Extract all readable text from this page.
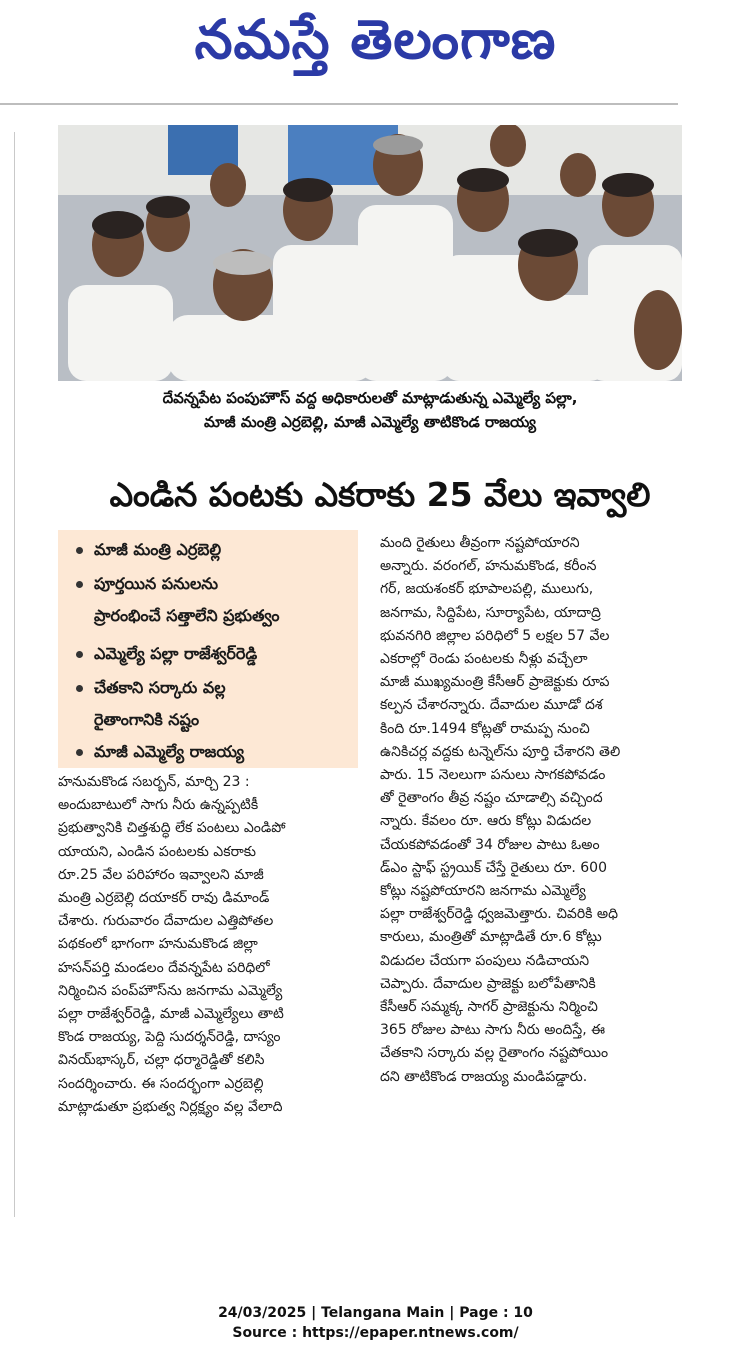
నమస్తే తెలంగాణ
దేవన్నపేట పంపుహౌస్ వద్ద అధికారులతో మాట్లాడుతున్న ఎమ్మెల్యే పల్లా,
మాజీ మంత్రి ఎర్రబెల్లి, మాజీ ఎమ్మెల్యే తాటికొండ రాజయ్య
ఎండిన పంటకు ఎకరాకు 25 వేలు ఇవ్వాలి
మాజీ మంత్రి ఎర్రబెల్లి
పూర్తయిన పనులను
ప్రారంభించే సత్తాలేని ప్రభుత్వం
ఎమ్మెల్యే పల్లా రాజేశ్వర్‌రెడ్డి
చేతకాని సర్కారు వల్ల
రైతాంగానికి నష్టం
మాజీ ఎమ్మెల్యే రాజయ్య
హనుమకొండ సబర్బన్, మార్చి 23 :
అందుబాటులో సాగు నీరు ఉన్నప్పటికీ
ప్రభుత్వానికి చిత్తశుద్ధి లేక పంటలు ఎండిపో
యాయని, ఎండిన పంటలకు ఎకరాకు
రూ.25 వేల పరిహారం ఇవ్వాలని మాజీ
మంత్రి ఎర్రబెల్లి దయాకర్ రావు డిమాండ్
చేశారు. గురువారం దేవాదుల ఎత్తిపోతల
పథకంలో భాగంగా హనుమకొండ జిల్లా
హసన్‌పర్తి మండలం దేవన్నపేట పరిధిలో
నిర్మించిన పంప్‌హౌస్‌ను జనగామ ఎమ్మెల్యే
పల్లా రాజేశ్వర్‌రెడ్డి, మాజీ ఎమ్మెల్యేలు తాటి
కొండ రాజయ్య, పెద్ది సుదర్శన్‌రెడ్డి, దాస్యం
వినయ్‌భాస్కర్, చల్లా ధర్మారెడ్డితో కలిసి
సందర్శించారు. ఈ సందర్భంగా ఎర్రబెల్లి
మాట్లాడుతూ ప్రభుత్వ నిర్లక్ష్యం వల్ల వేలాది
మంది రైతులు తీవ్రంగా నష్టపోయారని
అన్నారు. వరంగల్, హనుమకొండ, కరీంన
గర్, జయశంకర్ భూపాలపల్లి, ములుగు,
జనగామ, సిద్దిపేట, సూర్యాపేట, యాదాద్రి
భువనగిరి జిల్లాల పరిధిలో 5 లక్షల 57 వేల
ఎకరాల్లో రెండు పంటలకు నీళ్లు వచ్చేలా
మాజీ ముఖ్యమంత్రి కేసీఆర్ ప్రాజెక్టుకు రూప
కల్పన చేశారన్నారు. దేవాదుల మూడో దశ
కింది రూ.1494 కోట్లతో రామప్ప నుంచి
ఉనికిచర్ల వద్దకు టన్నెల్‌ను పూర్తి చేశారని తెలి
పారు. 15 నెలలుగా పనులు సాగకపోవడం
తో రైతాంగం తీవ్ర నష్టం చూడాల్సి వచ్చింద
న్నారు. కేవలం రూ. ఆరు కోట్లు విడుదల
చేయకపోవడంతో 34 రోజుల పాటు ఓఅం
డ్‌ఎం స్టాఫ్ స్ట్రయిక్ చేస్తే రైతులు రూ. 600
కోట్లు నష్టపోయారని జనగామ ఎమ్మెల్యే
పల్లా రాజేశ్వర్‌రెడ్డి ధ్వజమెత్తారు. చివరికి అధి
కారులు, మంత్రితో మాట్లాడితే రూ.6 కోట్లు
విడుదల చేయగా పంపులు నడిచాయని
చెప్పారు. దేవాదుల ప్రాజెక్టు బలోపేతానికి
కేసీఆర్ సమ్మక్క సాగర్ ప్రాజెక్టును నిర్మించి
365 రోజుల పాటు సాగు నీరు అందిస్తే, ఈ
చేతకాని సర్కారు వల్ల రైతాంగం నష్టపోయిం
దని తాటికొండ రాజయ్య మండిపడ్డారు.
24/03/2025 | Telangana Main | Page : 10
Source : https://epaper.ntnews.com/
